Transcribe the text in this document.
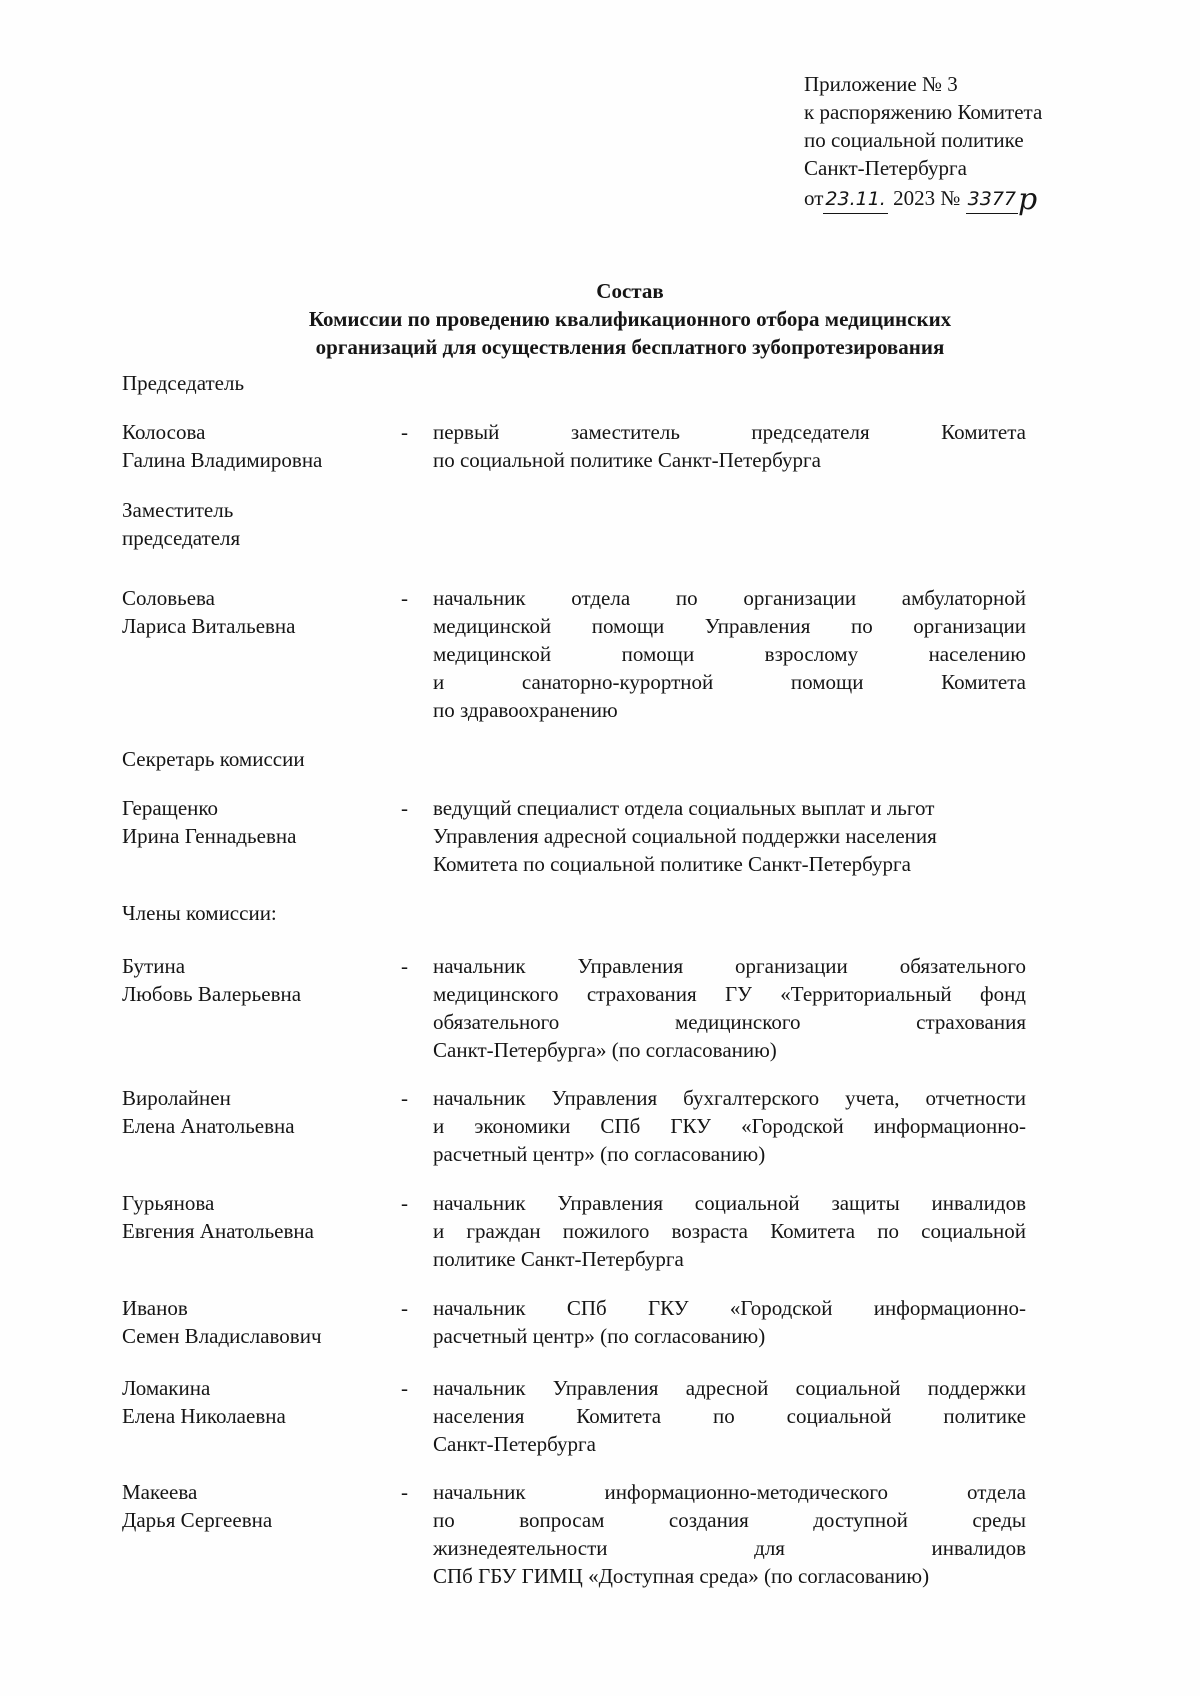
Приложение № 3
к распоряжению Комитета
по социальной политике
Санкт-Петербурга
от 23.11. 2023 № 3377р
Состав
Комиссии по проведению квалификационного отбора медицинских
организаций для осуществления бесплатного зубопротезирования
Председатель
Колосова
Галина Владимировна
- первый заместитель председателя Комитета
по социальной политике Санкт-Петербурга
Заместитель
председателя
Соловьева
Лариса Витальевна
- начальник отдела по организации амбулаторной
медицинской помощи Управления по организации
медицинской помощи взрослому населению
и санаторно-курортной помощи Комитета
по здравоохранению
Секретарь комиссии
Геращенко
Ирина Геннадьевна
- ведущий специалист отдела социальных выплат и льгот
Управления адресной социальной поддержки населения
Комитета по социальной политике Санкт-Петербурга
Члены комиссии:
Бутина
Любовь Валерьевна
- начальник Управления организации обязательного
медицинского страхования ГУ «Территориальный фонд
обязательного медицинского страхования
Санкт-Петербурга» (по согласованию)
Виролайнен
Елена Анатольевна
- начальник Управления бухгалтерского учета, отчетности
и экономики СПб ГКУ «Городской информационно-
расчетный центр» (по согласованию)
Гурьянова
Евгения Анатольевна
- начальник Управления социальной защиты инвалидов
и граждан пожилого возраста Комитета по социальной
политике Санкт-Петербурга
Иванов
Семен Владиславович
- начальник СПб ГКУ «Городской информационно-
расчетный центр» (по согласованию)
Ломакина
Елена Николаевна
- начальник Управления адресной социальной поддержки
населения Комитета по социальной политике
Санкт-Петербурга
Макеева
Дарья Сергеевна
- начальник информационно-методического отдела
по вопросам создания доступной среды
жизнедеятельности для инвалидов
СПб ГБУ ГИМЦ «Доступная среда» (по согласованию)
